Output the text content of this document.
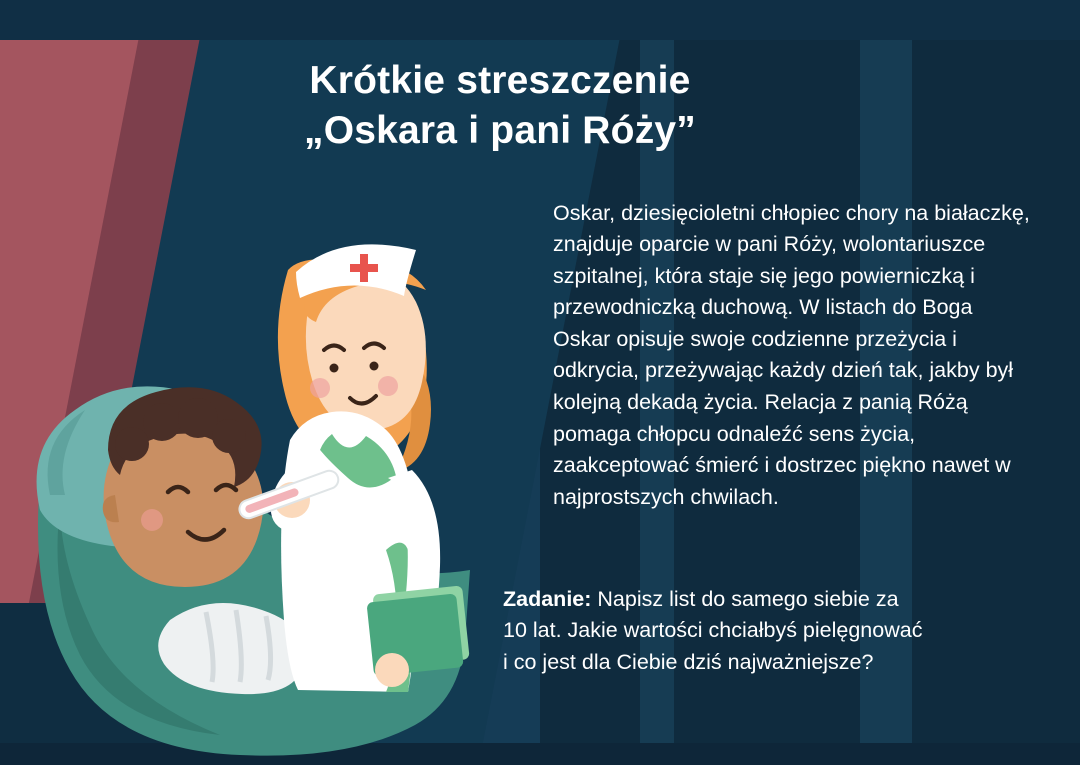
Krótkie streszczenie
„Oskara i pani Róży”

Oskar, dziesięcioletni chłopiec chory na białaczkę, znajduje oparcie w pani Róży, wolontariuszce szpitalnej, która staje się jego powierniczką i przewodniczką duchową. W listach do Boga Oskar opisuje swoje codzienne przeżycia i odkrycia, przeżywając każdy dzień tak, jakby był kolejną dekadą życia. Relacja z panią Różą pomaga chłopcu odnaleźć sens życia, zaakceptować śmierć i dostrzec piękno nawet w najprostszych chwilach.

Zadanie: Napisz list do samego siebie za 10 lat. Jakie wartości chciałbyś pielęgnować i co jest dla Ciebie dziś najważniejsze?
